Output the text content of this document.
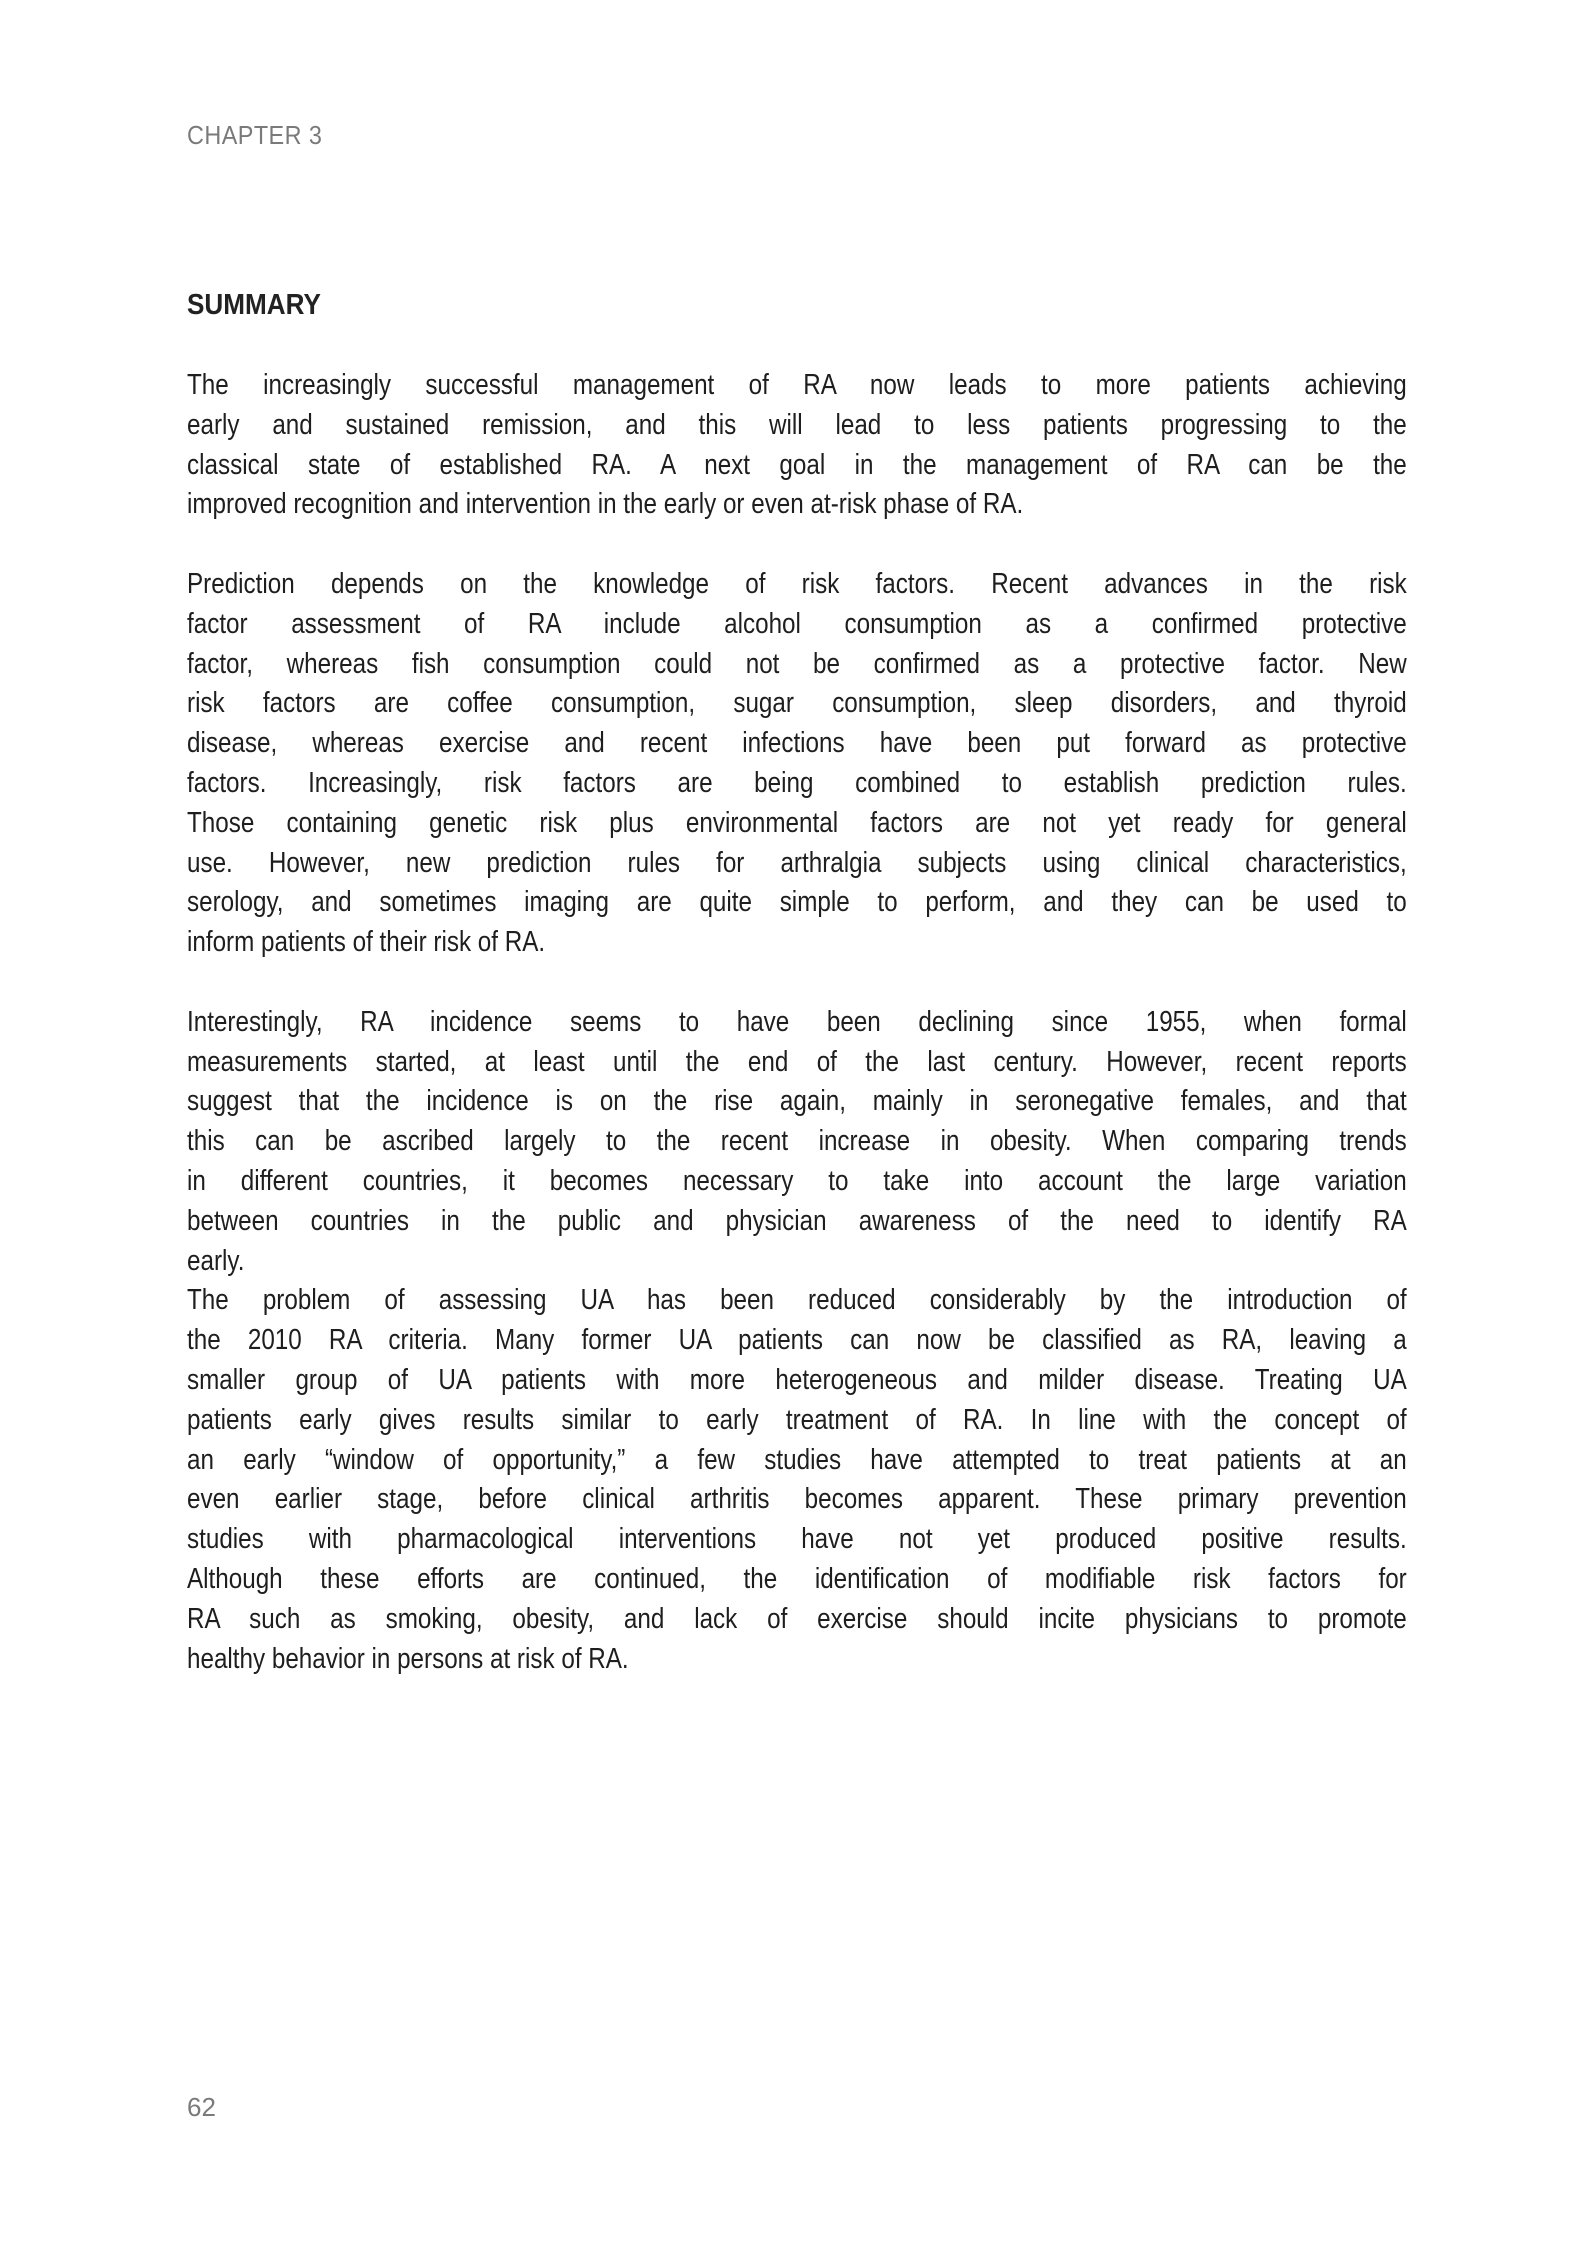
CHAPTER 3
SUMMARY
The increasingly successful management of RA now leads to more patients achieving
early and sustained remission, and this will lead to less patients progressing to the
classical state of established RA. A next goal in the management of RA can be the
improved recognition and intervention in the early or even at-risk phase of RA.
Prediction depends on the knowledge of risk factors. Recent advances in the risk
factor assessment of RA include alcohol consumption as a confirmed protective
factor, whereas fish consumption could not be confirmed as a protective factor. New
risk factors are coffee consumption, sugar consumption, sleep disorders, and thyroid
disease, whereas exercise and recent infections have been put forward as protective
factors. Increasingly, risk factors are being combined to establish prediction rules.
Those containing genetic risk plus environmental factors are not yet ready for general
use. However, new prediction rules for arthralgia subjects using clinical characteristics,
serology, and sometimes imaging are quite simple to perform, and they can be used to
inform patients of their risk of RA.
Interestingly, RA incidence seems to have been declining since 1955, when formal
measurements started, at least until the end of the last century. However, recent reports
suggest that the incidence is on the rise again, mainly in seronegative females, and that
this can be ascribed largely to the recent increase in obesity. When comparing trends
in different countries, it becomes necessary to take into account the large variation
between countries in the public and physician awareness of the need to identify RA
early.
The problem of assessing UA has been reduced considerably by the introduction of
the 2010 RA criteria. Many former UA patients can now be classified as RA, leaving a
smaller group of UA patients with more heterogeneous and milder disease. Treating UA
patients early gives results similar to early treatment of RA. In line with the concept of
an early “window of opportunity,” a few studies have attempted to treat patients at an
even earlier stage, before clinical arthritis becomes apparent. These primary prevention
studies with pharmacological interventions have not yet produced positive results.
Although these efforts are continued, the identification of modifiable risk factors for
RA such as smoking, obesity, and lack of exercise should incite physicians to promote
healthy behavior in persons at risk of RA.
62
